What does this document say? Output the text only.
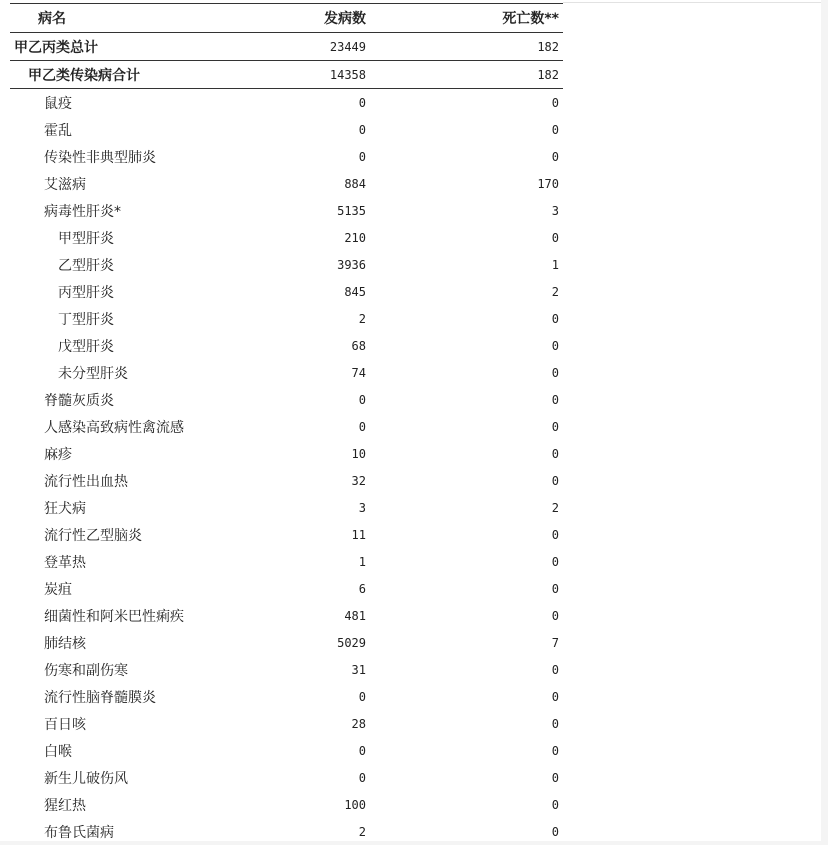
病名	发病数	死亡数**
甲乙丙类总计	23449	182
甲乙类传染病合计	14358	182
鼠疫	0	0
霍乱	0	0
传染性非典型肺炎	0	0
艾滋病	884	170
病毒性肝炎*	5135	3
甲型肝炎	210	0
乙型肝炎	3936	1
丙型肝炎	845	2
丁型肝炎	2	0
戊型肝炎	68	0
未分型肝炎	74	0
脊髓灰质炎	0	0
人感染高致病性禽流感	0	0
麻疹	10	0
流行性出血热	32	0
狂犬病	3	2
流行性乙型脑炎	11	0
登革热	1	0
炭疽	6	0
细菌性和阿米巴性痢疾	481	0
肺结核	5029	7
伤寒和副伤寒	31	0
流行性脑脊髓膜炎	0	0
百日咳	28	0
白喉	0	0
新生儿破伤风	0	0
猩红热	100	0
布鲁氏菌病	2	0
